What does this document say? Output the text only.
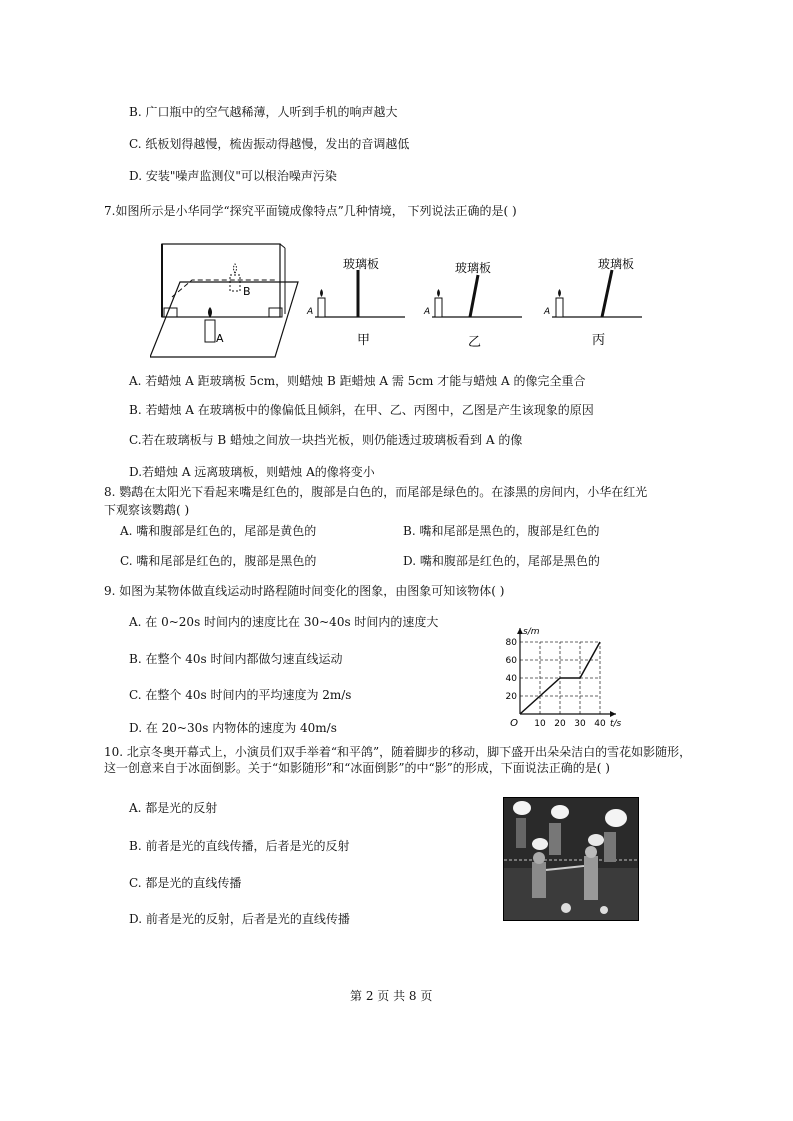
B. 广口瓶中的空气越稀薄，人听到手机的响声越大
C. 纸板划得越慢，梳齿振动得越慢，发出的音调越低
D. 安装"噪声监测仪"可以根治噪声污染
7.如图所示是小华同学“探究平面镜成像特点”几种情境， 下列说法正确的是( )
B
A
A
玻璃板
甲
A
玻璃板
乙
A
玻璃板
丙
A. 若蜡烛 A 距玻璃板 5cm，则蜡烛 B 距蜡烛 A 需 5cm 才能与蜡烛 A 的像完全重合
B. 若蜡烛 A 在玻璃板中的像偏低且倾斜，在甲、乙、丙图中，乙图是产生该现象的原因
C.若在玻璃板与 B 蜡烛之间放一块挡光板，则仍能透过玻璃板看到 A 的像
D.若蜡烛 A 远离玻璃板，则蜡烛 A的像将变小
8. 鹦鹉在太阳光下看起来嘴是红色的，腹部是白色的，而尾部是绿色的。在漆黑的房间内，小华在红光
下观察该鹦鹉( )
A. 嘴和腹部是红色的，尾部是黄色的	B. 嘴和尾部是黑色的，腹部是红色的
C. 嘴和尾部是红色的，腹部是黑色的	D. 嘴和腹部是红色的，尾部是黑色的
9. 如图为某物体做直线运动时路程随时间变化的图象，由图象可知该物体( )
A. 在 0~20s 时间内的速度比在 30~40s 时间内的速度大
B. 在整个 40s 时间内都做匀速直线运动
C. 在整个 40s 时间内的平均速度为 2m/s
D. 在 20~30s 内物体的速度为 40m/s	10 20 30 40
20
40
60
80
O
s/m
t/s
10. 北京冬奥开幕式上，小演员们双手举着“和平鸽”，随着脚步的移动，脚下盛开出朵朵洁白的雪花如影随形，这一创意来自于冰面倒影。关于“如影随形”和“冰面倒影”的中“影”的形成，下面说法正确的是( )
A. 都是光的反射
B. 前者是光的直线传播，后者是光的反射
C. 都是光的直线传播
D. 前者是光的反射，后者是光的直线传播
第 2 页 共 8 页
